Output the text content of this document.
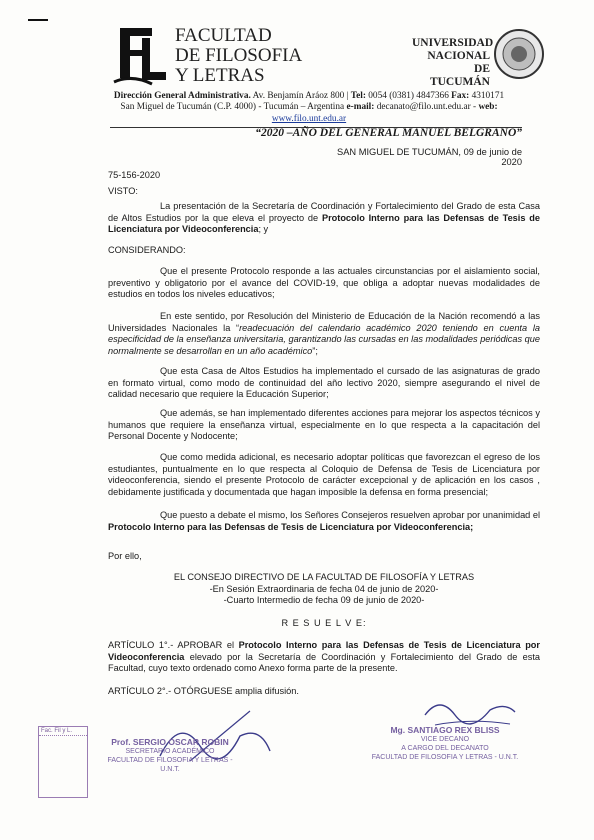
FACULTAD
DE FILOSOFIA
Y LETRAS
UNIVERSIDAD
NACIONAL
DE TUCUMÁN
Dirección General Administrativa. Av. Benjamín Aráoz 800 | Tel: 0054 (0381) 4847366 Fax: 4310171
San Miguel de Tucumán (C.P. 4000) - Tucumán – Argentina e-mail: decanato@filo.unt.edu.ar - web:
www.filo.unt.edu.ar
“2020 –AÑO DEL GENERAL MANUEL BELGRANO”
SAN MIGUEL DE TUCUMÁN, 09 de junio de 2020
75-156-2020
VISTO:
La presentación de la Secretaría de Coordinación y Fortalecimiento del Grado de esta Casa de Altos Estudios por la que eleva el proyecto de Protocolo Interno para las Defensas de Tesis de Licenciatura por Videoconferencia; y
CONSIDERANDO:
Que el presente Protocolo responde a las actuales circunstancias por el aislamiento social, preventivo y obligatorio por el avance del COVID-19, que obliga a adoptar nuevas modalidades de estudios en todos los niveles educativos;
En este sentido, por Resolución del Ministerio de Educación de la Nación recomendó a las Universidades Nacionales la “readecuación del calendario académico 2020 teniendo en cuenta la especificidad de la enseñanza universitaria, garantizando las cursadas en las modalidades periódicas que normalmente se desarrollan en un año académico”;
Que esta Casa de Altos Estudios ha implementado el cursado de las asignaturas de grado en formato virtual, como modo de continuidad del año lectivo 2020, siempre asegurando el nivel de calidad necesario que requiere la Educación Superior;
Que además, se han implementado diferentes acciones para mejorar los aspectos técnicos y humanos que requiere la enseñanza virtual, especialmente en lo que respecta a la capacitación del Personal Docente y Nodocente;
Que como medida adicional, es necesario adoptar políticas que favorezcan el egreso de los estudiantes, puntualmente en lo que respecta al Coloquio de Defensa de Tesis de Licenciatura por videoconferencia, siendo el presente Protocolo de carácter excepcional y de aplicación en los casos , debidamente justificada y documentada que hagan imposible la defensa en forma presencial;
Que puesto a debate el mismo, los Señores Consejeros resuelven aprobar por unanimidad el Protocolo Interno para las Defensas de Tesis de Licenciatura por Videoconferencia;
Por ello,
EL CONSEJO DIRECTIVO DE LA FACULTAD DE FILOSOFÍA Y LETRAS
-En Sesión Extraordinaria de fecha 04 de junio de 2020-
-Cuarto Intermedio de fecha 09 de junio de 2020-
R E S U E L V E:
ARTÍCULO 1°.- APROBAR el Protocolo Interno para las Defensas de Tesis de Licenciatura por Videoconferencia elevado por la Secretaría de Coordinación y Fortalecimiento del Grado de esta Facultad, cuyo texto ordenado como Anexo forma parte de la presente.
ARTÍCULO 2°.- OTÓRGUESE amplia difusión.
Fac. Fil y L.
Prof. SERGIO OSCAR ROBIN
SECRETARIO ACADÉMICO
FACULTAD DE FILOSOFIA Y LETRAS - U.N.T.
Mg. SANTIAGO REX BLISS
VICE DECANO
A CARGO DEL DECANATO
FACULTAD DE FILOSOFIA Y LETRAS - U.N.T.
